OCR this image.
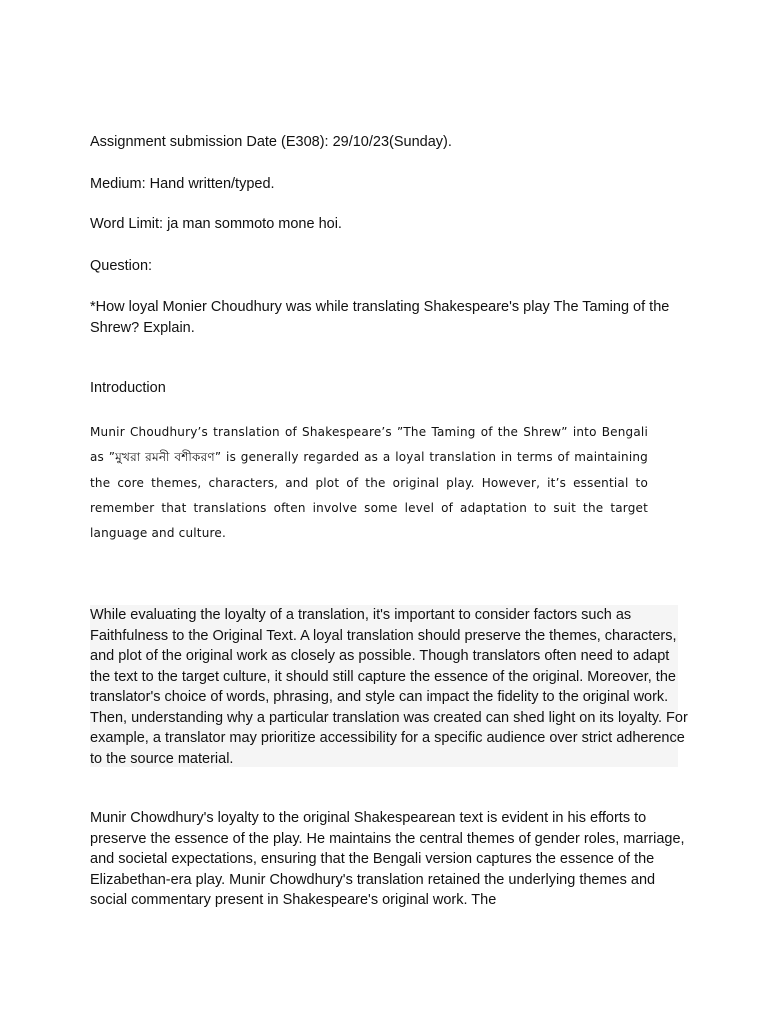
Assignment submission Date (E308): 29/10/23(Sunday).

Medium: Hand written/typed.

Word Limit: ja man sommoto mone hoi.

Question:

*How loyal Monier Choudhury was while translating Shakespeare's play The Taming of the Shrew? Explain.

Introduction

Munir Choudhury’s translation of Shakespeare’s ”The Taming of the Shrew” into Bengali as ”মুখরা রমনী বশীকরণ” is generally regarded as a loyal translation in terms of maintaining the core themes, characters, and plot of the original play. However, it’s essential to remember that translations often involve some level of adaptation to suit the target language and culture.

While evaluating the loyalty of a translation, it's important to consider factors such as Faithfulness to the Original Text. A loyal translation should preserve the themes, characters, and plot of the original work as closely as possible. Though translators often need to adapt the text to the target culture, it should still capture the essence of the original. Moreover, the translator's choice of words, phrasing, and style can impact the fidelity to the original work. Then, understanding why a particular translation was created can shed light on its loyalty. For example, a translator may prioritize accessibility for a specific audience over strict adherence to the source material.

Munir Chowdhury's loyalty to the original Shakespearean text is evident in his efforts to preserve the essence of the play. He maintains the central themes of gender roles, marriage, and societal expectations, ensuring that the Bengali version captures the essence of the Elizabethan-era play. Munir Chowdhury's translation retained the underlying themes and social commentary present in Shakespeare's original work. The
